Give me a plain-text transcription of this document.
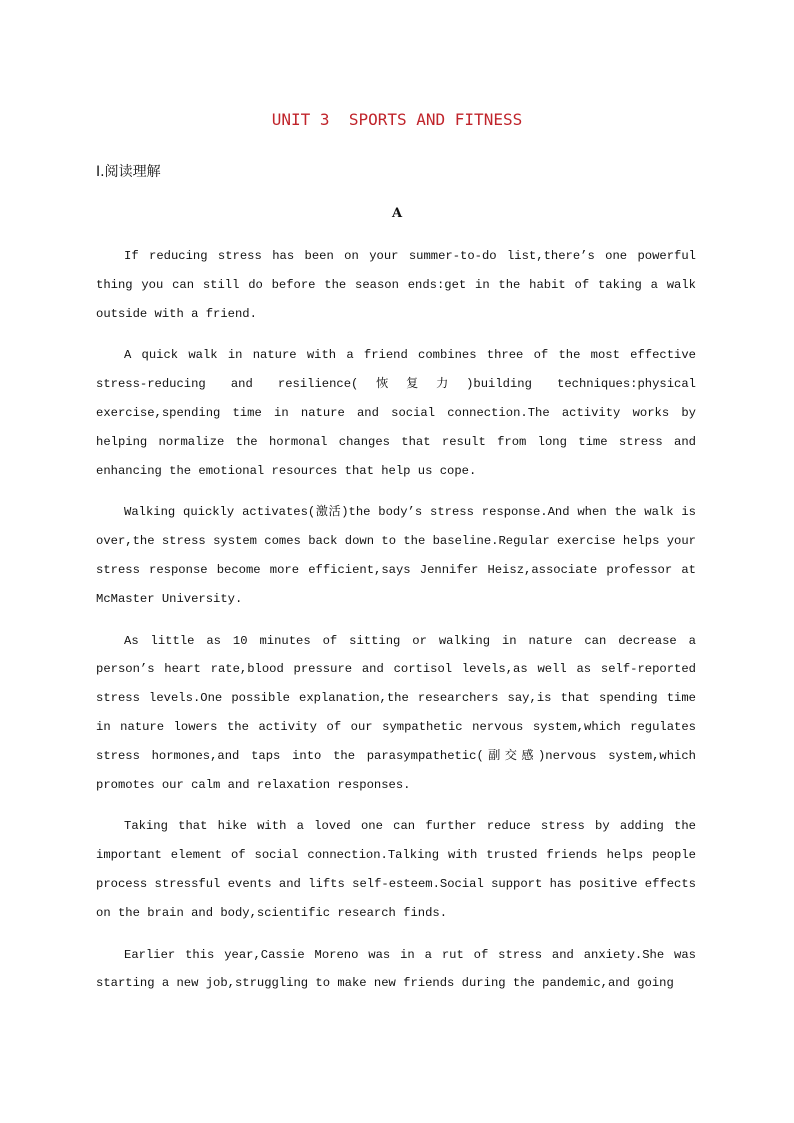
UNIT 3  SPORTS AND FITNESS
Ⅰ.阅读理解
A

If reducing stress has been on your summer-to-do list,there’s one powerful thing you can still do before the season ends:get in the habit of taking a walk outside with a friend.

A quick walk in nature with a friend combines three of the most effective stress-reducing and resilience(恢复力)building techniques:physical exercise,spending time in nature and social connection.The activity works by helping normalize the hormonal changes that result from long time stress and enhancing the emotional resources that help us cope.

Walking quickly activates(激活)the body’s stress response.And when the walk is over,the stress system comes back down to the baseline.Regular exercise helps your stress response become more efficient,says Jennifer Heisz,associate professor at McMaster University.

As little as 10 minutes of sitting or walking in nature can decrease a person’s heart rate,blood pressure and cortisol levels,as well as self-reported stress levels.One possible explanation,the researchers say,is that spending time in nature lowers the activity of our sympathetic nervous system,which regulates stress hormones,and taps into the parasympathetic(副交感)nervous system,which promotes our calm and relaxation responses.

Taking that hike with a loved one can further reduce stress by adding the important element of social connection.Talking with trusted friends helps people process stressful events and lifts self-esteem.Social support has positive effects on the brain and body,scientific research finds.

Earlier this year,Cassie Moreno was in a rut of stress and anxiety.She was starting a new job,struggling to make new friends during the pandemic,and going
